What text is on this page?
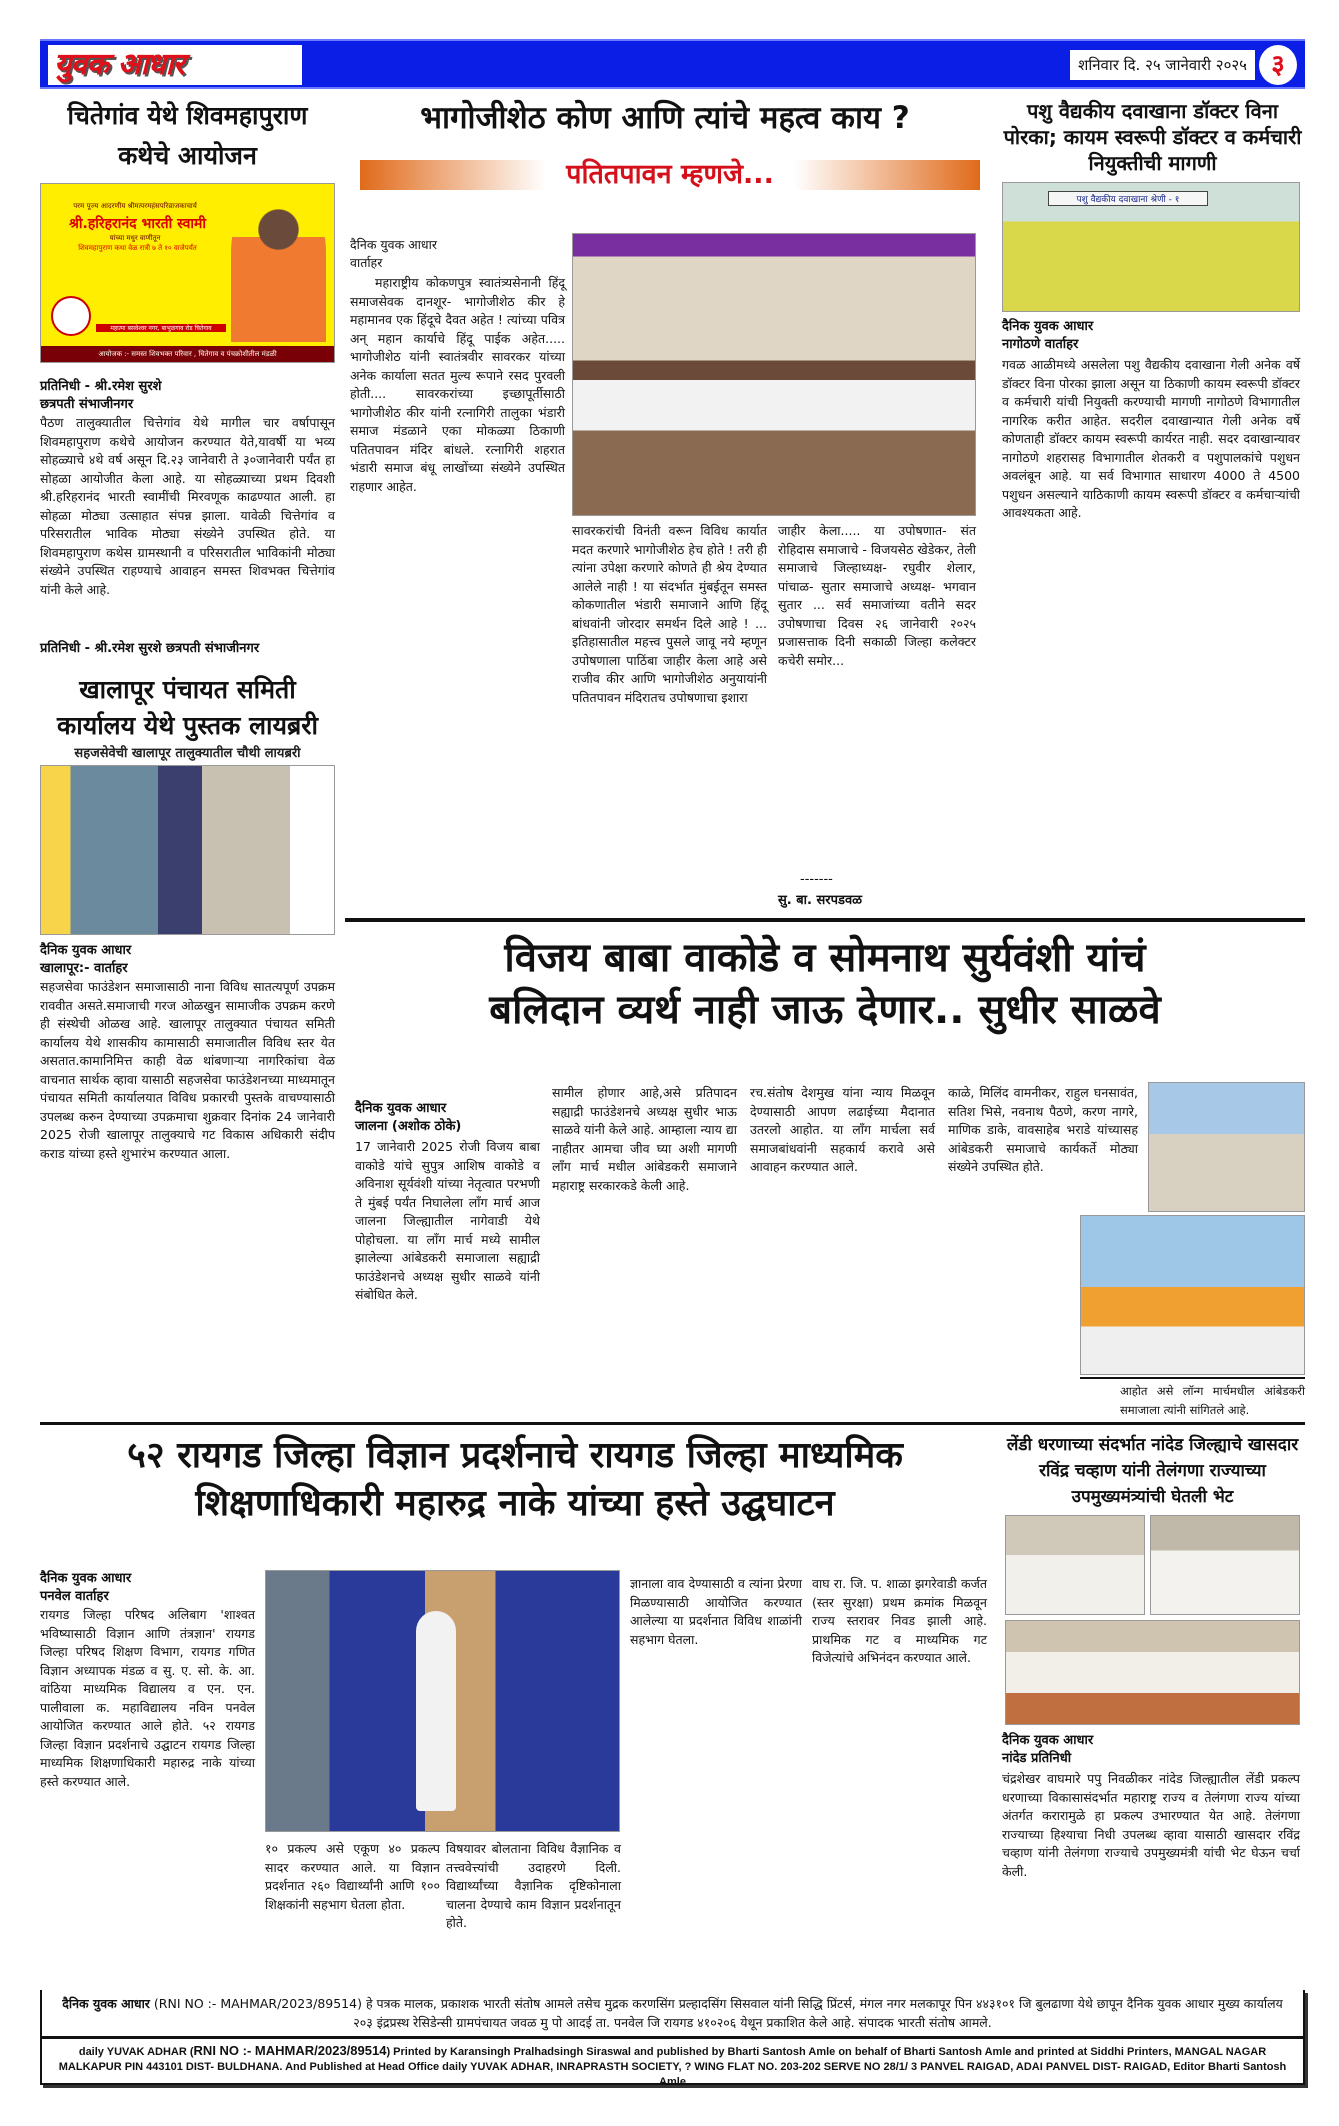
युवक आधार	शनिवार दि. २५ जानेवारी २०२५ ३
चितेगांव येथे शिवमहापुराण कथेचे आयोजन
परम पूज्य आदरणीय श्रीमत्परमहंसपरिव्राजकाचार्य
श्री.हरिहरानंद भारती स्वामी
यांच्या मधुर वाणीतून
शिवमहापुराण कथा वेळ रात्री ७ ते १० वाजेपर्यंत
महात्मा बसवेश्वर नगर, बाभुळगाव रोड चितेगाव
आयोजक :- समस्त शिवभक्त परिवार , चितेगाव व पंचक्रोशीतील मंडळी
प्रतिनिधी - श्री.रमेश सुरशे
छत्रपती संभाजीनगर
पैठण तालुक्यातील चित्तेगांव येथे मागील चार वर्षापासून शिवमहापुराण कथेचे आयोजन करण्यात येते,यावर्षी या भव्य सोहळ्याचे ४थे वर्ष असून दि.२३ जानेवारी ते ३०जानेवारी पर्यंत हा सोहळा आयोजीत केला आहे. या सोहळ्याच्या प्रथम दिवशी श्री.हरिहरानंद भारती स्वामींची मिरवणूक काढण्यात आली. हा सोहळा मोठ्या उत्साहात संपन्न झाला. यावेळी चित्तेगांव व परिसरातील भाविक मोठ्या संख्येने उपस्थित होते. या शिवमहापुराण कथेस ग्रामस्थानी व परिसरातील भाविकांनी मोठ्या संख्येने उपस्थित राहण्याचे आवाहन समस्त शिवभक्त चित्तेगांव यांनी केले आहे.
प्रतिनिधी - श्री.रमेश सुरशे छत्रपती संभाजीनगर
खालापूर पंचायत समिती कार्यालय येथे पुस्तक लायब्ररी
सहजसेवेची खालापूर तालुक्यातील चौथी लायब्ररी
दैनिक युवक आधार
खालापूर:- वार्ताहर
सहजसेवा फाउंडेशन समाजासाठी नाना विविध सातत्यपूर्ण उपक्रम राववीत असते.समाजाची गरज ओळखुन सामाजीक उपक्रम करणे ही संस्थेची ओळख आहे. खालापूर तालुक्यात पंचायत समिती कार्यालय येथे शासकीय कामासाठी समाजातील विविध स्तर येत असतात.कामानिमित्त काही वेळ थांबणाऱ्या नागरिकांचा वेळ वाचनात सार्थक व्हावा यासाठी सहजसेवा फाउंडेशनच्या माध्यमातून पंचायत समिती कार्यालयात विविध प्रकारची पुस्तके वाचण्यासाठी उपलब्ध करुन देण्याच्या उपक्रमाचा शुक्रवार दिनांक 24 जानेवारी 2025 रोजी खालापूर तालुक्याचे गट विकास अधिकारी संदीप कराड यांच्या हस्ते शुभारंभ करण्यात आला.
भागोजीशेठ कोण आणि त्यांचे महत्व काय ?
पतितपावन म्हणजे...
दैनिक युवक आधार
वार्ताहर
महाराष्ट्रीय कोकणपुत्र स्वातंत्र्यसेनानी हिंदू समाजसेवक दानशूर- भागोजीशेठ कीर हे महामानव एक हिंदूचे दैवत अहेत ! त्यांच्या पवित्र अन् महान कार्याचे हिंदू पाईक अहेत..... भागोजीशेठ यांनी स्वातंत्रवीर सावरकर यांच्या अनेक कार्याला सतत मुल्य रूपाने रसद पुरवली होती.... सावरकरांच्या इच्छापूर्तीसाठी भागोजीशेठ कीर यांनी रत्नागिरी तालुका भंडारी समाज मंडळाने एका मोकळ्या ठिकाणी पतितपावन मंदिर बांधले. रत्नागिरी शहरात भंडारी समाज बंधू लाखोंच्या संख्येने उपस्थित राहणार आहेत.
सावरकरांची विनंती वरून विविध कार्यात मदत करणारे भागोजीशेठ हेच होते ! तरी ही त्यांना उपेक्षा करणारे कोणते ही श्रेय देण्यात आलेले नाही ! या संदर्भात मुंबईतून समस्त कोकणातील भंडारी समाजाने आणि हिंदू बांधवांनी जोरदार समर्थन दिले आहे ! ... इतिहासातील महत्त्व पुसले जावू नये म्हणून उपोषणाला पाठिंबा जाहीर केला आहे असे राजीव कीर आणि भागोजीशेठ अनुयायांनी पतितपावन मंदिरातच उपोषणाचा इशारा
जाहीर केला..... या उपोषणात- संत रोहिदास समाजाचे - विजयसेठ खेडेकर, तेली समाजाचे जिल्हाध्यक्ष- रघुवीर शेलार, पांचाळ- सुतार समाजाचे अध्यक्ष- भगवान सुतार ... सर्व समाजांच्या वतीने सदर उपोषणाचा दिवस २६ जानेवारी २०२५ प्रजासत्ताक दिनी सकाळी जिल्हा कलेक्टर कचेरी समोर...
-------
सु. बा. सरपडवळ
पशु वैद्यकीय दवाखाना डॉक्टर विना पोरका; कायम स्वरूपी डॉक्टर व कर्मचारी नियुक्तीची मागणी
पशु वैद्यकीय दवाखाना श्रेणी - १
दैनिक युवक आधार
नागोठणे वार्ताहर
गवळ आळीमध्ये असलेला पशु वैद्यकीय दवाखाना गेली अनेक वर्षे डॉक्टर विना पोरका झाला असून या ठिकाणी कायम स्वरूपी डॉक्टर व कर्मचारी यांची नियुक्ती करण्याची मागणी नागोठणे विभागातील नागरिक करीत आहेत. सदरील दवाखान्यात गेली अनेक वर्षे कोणताही डॉक्टर कायम स्वरूपी कार्यरत नाही. सदर दवाखान्यावर नागोठणे शहरासह विभागातील शेतकरी व पशुपालकांचे पशुधन अवलंबून आहे. या सर्व विभागात साधारण 4000 ते 4500 पशुधन असल्याने याठिकाणी कायम स्वरूपी डॉक्टर व कर्मचाऱ्यांची आवश्यकता आहे.
विजय बाबा वाकोडे व सोमनाथ सुर्यवंशी यांचं
बलिदान व्यर्थ नाही जाऊ देणार.. सुधीर साळवे
दैनिक युवक आधार
जालना (अशोक ठोके)
17 जानेवारी 2025 रोजी विजय बाबा वाकोडे यांचे सुपुत्र आशिष वाकोडे व अविनाश सूर्यवंशी यांच्या नेतृत्वात परभणी ते मुंबई पर्यंत निघालेला लॉंग मार्च आज जालना जिल्ह्यातील नागेवाडी येथे पोहोचला. या लॉंग मार्च मध्ये सामील झालेल्या आंबेडकरी समाजाला सह्याद्री फाउंडेशनचे अध्यक्ष सुधीर साळवे यांनी संबोधित केले.
सामील होणार आहे,असे प्रतिपादन सह्याद्री फाउंडेशनचे अध्यक्ष सुधीर भाऊ साळवे यांनी केले आहे. आम्हाला न्याय द्या नाहीतर आमचा जीव घ्या अशी मागणी लॉंग मार्च मधील आंबेडकरी समाजाने महाराष्ट्र सरकारकडे केली आहे.
रच.संतोष देशमुख यांना न्याय मिळवून देण्यासाठी आपण लढाईच्या मैदानात उतरलो आहोत. या लॉंग मार्चला सर्व समाजबांधवांनी सहकार्य करावे असे आवाहन करण्यात आले.
काळे, मिलिंद वामनीकर, राहुल घनसावंत, सतिश भिसे, नवनाथ पैठणे, करण नागरे, माणिक डाके, वावसाहेब भराडे यांच्यासह आंबेडकरी समाजाचे कार्यकर्ते मोठ्या संख्येने उपस्थित होते.
आहोत असे लॉन्ग मार्चमधील आंबेडकरी समाजाला त्यांनी सांगितले आहे.
५२ रायगड जिल्हा विज्ञान प्रदर्शनाचे रायगड जिल्हा माध्यमिक
शिक्षणाधिकारी महारुद्र नाके यांच्या हस्ते उद्घघाटन
दैनिक युवक आधार
पनवेल वार्ताहर
रायगड जिल्हा परिषद अलिबाग 'शाश्वत भविष्यासाठी विज्ञान आणि तंत्रज्ञान' रायगड जिल्हा परिषद शिक्षण विभाग, रायगड गणित विज्ञान अध्यापक मंडळ व सु. ए. सो. के. आ. वांठिया माध्यमिक विद्यालय व एन. एन. पालीवाला क. महाविद्यालय नविन पनवेल आयोजित करण्यात आले होते. ५२ रायगड जिल्हा विज्ञान प्रदर्शनाचे उद्घाटन रायगड जिल्हा माध्यमिक शिक्षणाधिकारी महारुद्र नाके यांच्या हस्ते करण्यात आले.
१० प्रकल्प असे एकूण ४० प्रकल्प सादर करण्यात आले. या विज्ञान प्रदर्शनात २६० विद्यार्थ्यांनी आणि १०० शिक्षकांनी सहभाग घेतला होता.
विषयावर बोलताना विविध वैज्ञानिक व तत्त्ववेत्त्यांची उदाहरणे दिली. विद्यार्थ्यांच्या वैज्ञानिक दृष्टिकोनाला चालना देण्याचे काम विज्ञान प्रदर्शनातून होते.
ज्ञानाला वाव देण्यासाठी व त्यांना प्रेरणा मिळण्यासाठी आयोजित करण्यात आलेल्या या प्रदर्शनात विविध शाळांनी सहभाग घेतला.
वाघ रा. जि. प. शाळा झगरेवाडी कर्जत (स्तर सुरक्षा) प्रथम क्रमांक मिळवून राज्य स्तरावर निवड झाली आहे. प्राथमिक गट व माध्यमिक गट विजेत्यांचे अभिनंदन करण्यात आले.
लेंडी धरणाच्या संदर्भात नांदेड जिल्ह्याचे खासदार रविंद्र चव्हाण यांनी तेलंगणा राज्याच्या उपमुख्यमंत्र्यांची घेतली भेट
दैनिक युवक आधार
नांदेड प्रतिनिधी
चंद्रशेखर वाघमारे पपु निवळीकर नांदेड जिल्ह्यातील लेंडी प्रकल्प धरणाच्या विकासासंदर्भात महाराष्ट्र राज्य व तेलंगणा राज्य यांच्या अंतर्गत करारामुळे हा प्रकल्प उभारण्यात येत आहे. तेलंगणा राज्याच्या हिश्याचा निधी उपलब्ध व्हावा यासाठी खासदार रविंद्र चव्हाण यांनी तेलंगणा राज्याचे उपमुख्यमंत्री यांची भेट घेऊन चर्चा केली.
दैनिक युवक आधार (RNI NO :- MAHMAR/2023/89514) हे पत्रक मालक, प्रकाशक भारती संतोष आमले तसेच मुद्रक करणसिंग प्रल्हादसिंग सिसवाल यांनी सिद्धि प्रिंटर्स, मंगल नगर मलकापूर पिन ४४३१०१ जि बुलढाणा येथे छापून दैनिक युवक आधार मुख्य कार्यालय २०३ इंद्रप्रस्थ रेसिडेन्सी ग्रामपंचायत जवळ मु पो आदई ता. पनवेल जि रायगड ४१०२०६ येथून प्रकाशित केले आहे. संपादक भारती संतोष आमले.
daily YUVAK ADHAR (RNI NO :- MAHMAR/2023/89514) Printed by Karansingh Pralhadsingh Siraswal and published by Bharti Santosh Amle on behalf of Bharti Santosh Amle and printed at Siddhi Printers, MANGAL NAGAR MALKAPUR PIN 443101 DIST- BULDHANA. And Published at Head Office daily YUVAK ADHAR, INRAPRASTH SOCIETY, ? WING FLAT NO. 203-202 SERVE NO 28/1/ 3 PANVEL RAIGAD, ADAI PANVEL DIST- RAIGAD, Editor Bharti Santosh Amle
